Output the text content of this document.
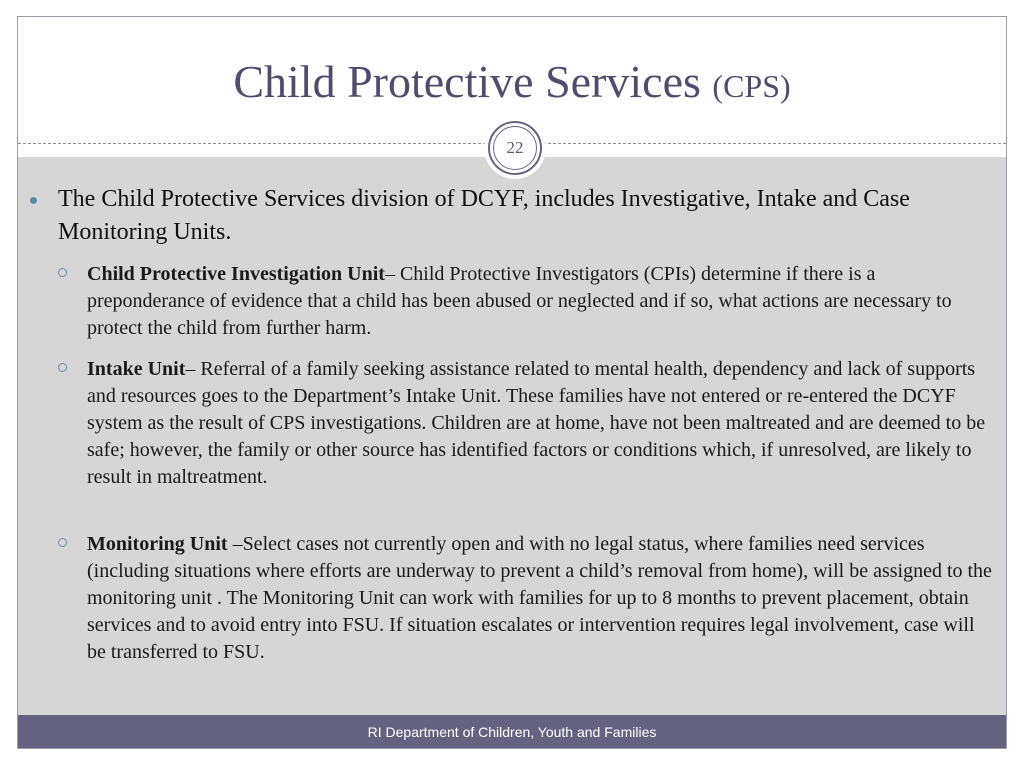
Child Protective Services (CPS)
22
The Child Protective Services division of DCYF, includes Investigative, Intake and Case Monitoring Units.
Child Protective Investigation Unit– Child Protective Investigators (CPIs) determine if there is a preponderance of evidence that a child has been abused or neglected and if so, what actions are necessary to protect the child from further harm.
Intake Unit– Referral of a family seeking assistance related to mental health, dependency and lack of supports and resources goes to the Department’s Intake Unit. These families have not entered or re-entered the DCYF system as the result of CPS investigations. Children are at home, have not been maltreated and are deemed to be safe; however, the family or other source has identified factors or conditions which, if unresolved, are likely to result in maltreatment.
Monitoring Unit –Select cases not currently open and with no legal status, where families need services (including situations where efforts are underway to prevent a child’s removal from home), will be assigned to the monitoring unit . The Monitoring Unit can work with families for up to 8 months to prevent placement, obtain services and to avoid entry into FSU. If situation escalates or intervention requires legal involvement, case will be transferred to FSU.
RI Department of Children, Youth and Families
